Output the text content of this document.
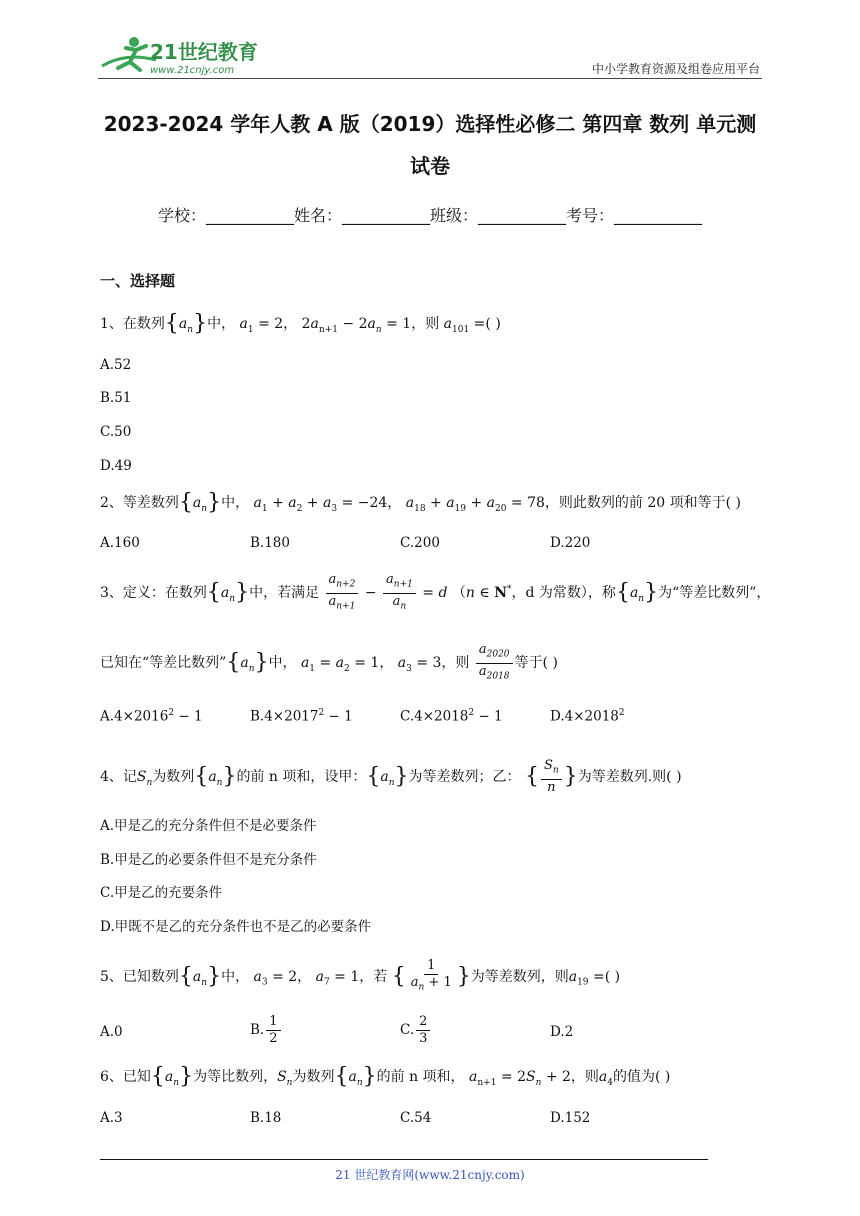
21世纪教育
www.21cnjy.com	中小学教育资源及组卷应用平台
2023-2024 学年人教 A 版（2019）选择性必修二 第四章 数列 单元测
试卷
学校：___________姓名：___________班级：___________考号：___________
一、选择题
1、在数列$\{a_n\}$中， $a_1 = 2$， $2a_{n+1} - 2a_n = 1$，则 $a_{101}$ =( )
A.52
B.51
C.50
D.49
2、等差数列$\{a_n\}$中， $a_1 + a_2 + a_3 = -24$， $a_{18} + a_{19} + a_{20} = 78$，则此数列的前 20 项和等于( )
A.160	B.180	C.200	D.220
3、定义：在数列$\{a_n\}$中，若满足 $\frac{a_{n+2}}{a_{n+1}} - \frac{a_{n+1}}{a_n} = d$ （n ∈ N*，d 为常数），称$\{a_n\}$为“等差比数列”，
已知在“等差比数列$”\{a_n\}$中， $a_1 = a_2 = 1$， $a_3 = 3$，则 $\frac{a_{2020}}{a_{2018}}$ 等于( )
$A.4\times 2016^2 - 1$	$B.4\times 2017^2 - 1$	$C.4\times 2018^2 - 1$	$D.4\times 2018^2$
4、记$S_n$为数列$\{a_n\}$的前 n 项和，设甲：$\{a_n\}$为等差数列；乙： { $\frac{S_n}{n}$ }为等差数列.则( )
A.甲是乙的充分条件但不是必要条件
B.甲是乙的必要条件但不是充分条件
C.甲是乙的充要条件
D.甲既不是乙的充分条件也不是乙的必要条件
5、已知数列$\{a_n\}$中， $a_3 = 2$， $a_7 = 1$，若 { $\frac{1}{a_n + 1}$ }为等差数列，则$a_{19}$ =( )
A.0	B. $\frac{1}{2}$	C. $\frac{2}{3}$	D.2
6、已知$\{a_n\}$为等比数列，$S_n$为数列$\{a_n\}$的前 n 项和， $a_{n+1} = 2S_n + 2$，则$a_4$的值为( )
A.3	B.18	C.54	D.152
21 世纪教育网(www.21cnjy.com)
